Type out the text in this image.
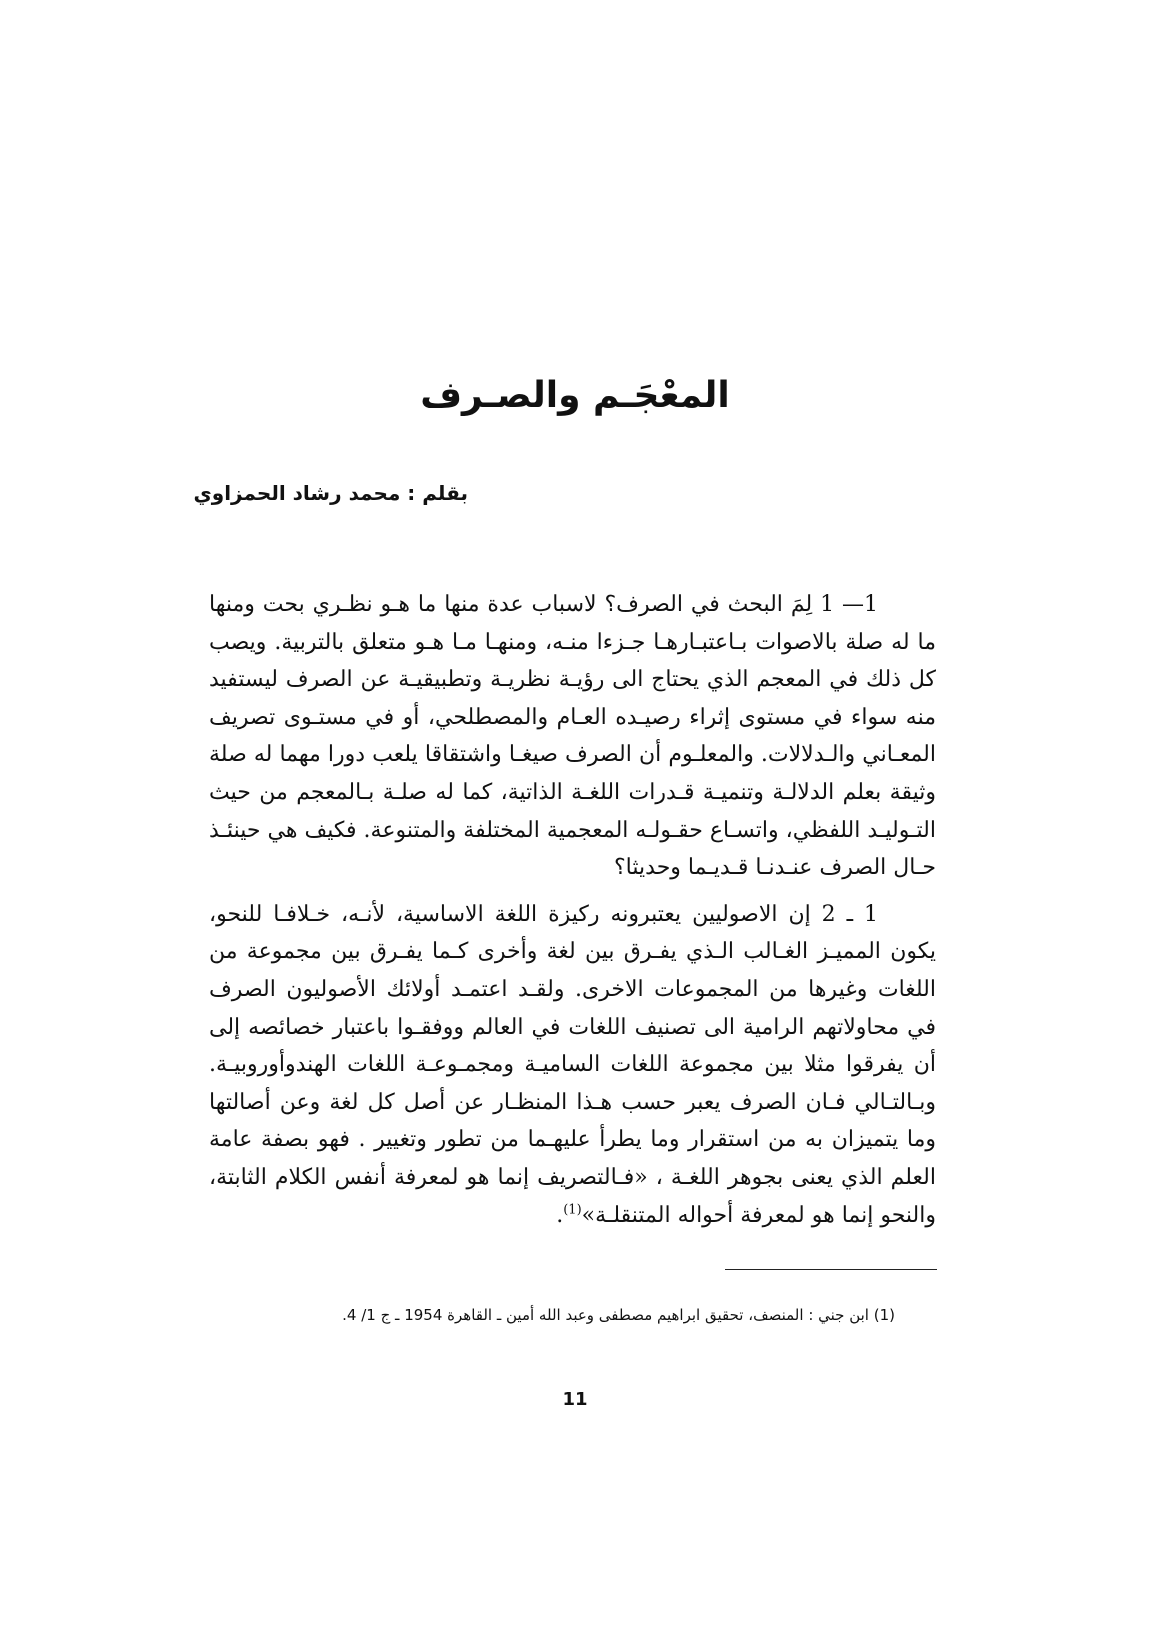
المعْجَـم والصـرف
بقلم : محمد رشاد الحمزاوي

1— 1 لِمَ البحث في الصرف؟ لاسباب عدة منها ما هـو نظـري بحت ومنها ما له صلة بالاصوات بـاعتبـارهـا جـزءا منـه، ومنهـا مـا هـو متعلق بالتربية. ويصب كل ذلك في المعجم الذي يحتاج الى رؤيـة نظريـة وتطبيقيـة عن الصرف ليستفيد منه سواء في مستوى إثراء رصيـده العـام والمصطلحي، أو في مستـوى تصريف المعـاني والـدلالات. والمعلـوم أن الصرف صيغـا واشتقاقا يلعب دورا مهما له صلة وثيقة بعلم الدلالـة وتنميـة قـدرات اللغـة الذاتية، كما له صلـة بـالمعجم من حيث التـوليـد اللفظي، واتسـاع حقـولـه المعجمية المختلفة والمتنوعة. فكيف هي حينئـذ حـال الصرف عنـدنـا قـديـما وحديثا؟

1 ـ 2 إن الاصوليين يعتبرونه ركيزة اللغة الاساسية، لأنـه، خـلافـا للنحو، يكون المميـز الغـالب الـذي يفـرق بين لغة وأخرى كـما يفـرق بين مجموعة من اللغات وغيرها من المجموعات الاخرى. ولقـد اعتمـد أولائك الأصوليون الصرف في محاولاتهم الرامية الى تصنيف اللغات في العالم ووفقـوا باعتبار خصائصه إلى أن يفرقوا مثلا بين مجموعة اللغات الساميـة ومجمـوعـة اللغات الهندوأوروبيـة. وبـالتـالي فـان الصرف يعبر حسب هـذا المنظـار عن أصل كل لغة وعن أصالتها وما يتميزان به من استقرار وما يطرأ عليهـما من تطور وتغيير . فهو بصفة عامة العلم الذي يعنى بجوهر اللغـة ، «فـالتصريف إنما هو لمعرفة أنفس الكلام الثابتة، والنحو إنما هو لمعرفة أحواله المتنقلـة»$^{(1)}$.

(1) ابن جني : المنصف، تحقيق ابراهيم مصطفى وعبد الله أمين ـ القاهرة 1954 ـ ج 1/ 4.
11
